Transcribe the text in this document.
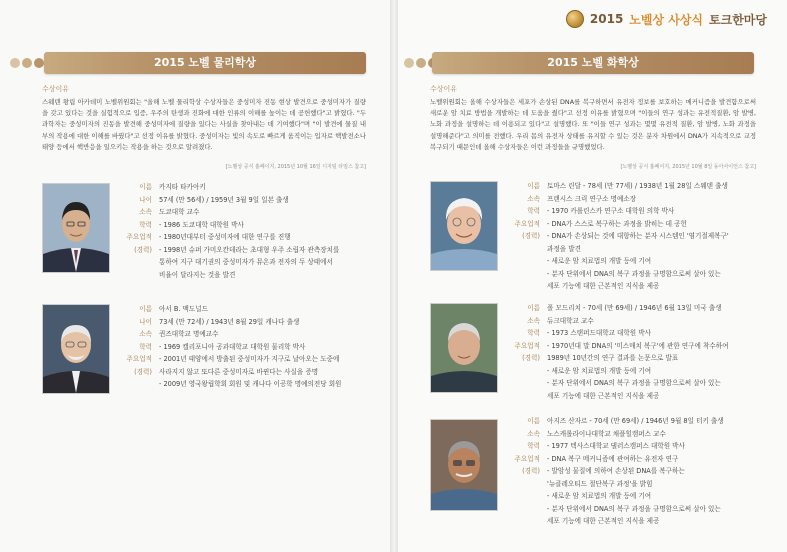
2015 노벨상 사상식 토크한마당
2015 노벨 물리학상
수상이유
스웨덴 왕립 아카데미 노벨위원회는 "올해 노벨 물리학상 수상자들은 중성미자 진동 현상 발견으로 중성미자가 질량을 갖고 있다는 것을 실험적으로 입증, 우주의 탄생과 진화에 대한 인류의 이해를 높이는 데 공헌했다"고 밝혔다. "두 과학자는 중성미자의 진동을 발견해 중성미자에 질량을 있다는 사실을 찾아내는 데 기여했다"며 "이 발견에 물질 내부의 작용에 대한 이해를 바꿨다"고 선정 이유를 밝혔다. 중성미자는 빛의 속도로 빠르게 움직이는 입자로 핵발전소나 태양 등에서 핵반응을 일으키는 작용을 하는 것으로 알려졌다.
[노벨상 공식 홈페이지, 2015년 10월 16일 디지털 타임스 참고]
이름	카지타 타카아키
나이	57세 (만 56세) / 1959년 3월 9일 일본 출생
소속	도쿄대학 교수
학력	- 1986 도쿄대학 대학원 박사
주요업적	- 1980년대부터 중성미자에 대한 연구를 진행
(경력)	- 1998년 슈퍼 가미오칸데라는 초대형 우주 소립자 관측장치를
통하여 지구 대기권의 중성미자가 뮤온과 전자의 두 상태에서
비율이 달라지는 것을 발견
이름	아서 B. 맥도널드
나이	73세 (만 72세) / 1943년 8월 29일 캐나다 출생
소속	퀸즈대학교 명예교수
학력	- 1969 캘리포니아 공과대학교 대학원 물리학 박사
주요업적	- 2001년 태양에서 방출된 중성미자가 지구로 날아오는 도중에
(경력)	사라지지 않고 또다른 중성미자로 바뀐다는 사실을 증명
- 2009년 영국왕립학회 회원 및 캐나다 이공학 명예의전당 회원
2015 노벨 화학상
수상이유
노벨위원회는 올해 수상자들은 세포가 손상된 DNA를 복구하면서 유전자 정보를 보호하는 메커니즘을 발견함으로써 새로운 암 치료 방법을 개발하는 데 도움을 줬다"고 선정 이유를 밝혔으며 "이들의 연구 성과는 유전적질환, 암 발병, 노화 과정을 설명하는 데 이용되고 있다"고 설명했다. 또 "이들 연구 성과는 몇몇 유전적 질환, 암 발병, 노화 과정을 설명해준다"고 의미를 전했다. 우리 몸의 유전자 상태를 유지할 수 있는 것은 분자 차원에서 DNA가 지속적으로 교정 복구되기 때문인데 올해 수상자들은 이런 과정들을 규명했었다.
[노벨상 공식 홈페이지, 2015년 10월 8일 동아사이언스 참고]
이름	토마스 린달 - 78세 (만 77세) / 1938년 1월 28일 스웨덴 출생
소속	프랜시스 크릭 연구소 명예소장
학력	- 1970 카롤린스카 연구소 대학원 의학 박사
주요업적	- DNA가 스스로 복구하는 과정을 밝히는 데 공헌
(경력)	- DNA가 손상되는 것에 대항하는 분자 시스템인 '염기절제복구'
과정을 발견
- 새로운 암 치료법의 개발 등에 기여
- 분자 단위에서 DNA의 복구 과정을 규명함으로써 살아 있는
세포 기능에 대한 근본적인 지식을 제공
이름	폴 모드리치 - 70세 (만 69세) / 1946년 6월 13일 미국 출생
소속	듀크대학교 교수
학력	- 1973 스탠퍼드대학교 대학원 박사
주요업적	- 1970년대 말 DNA의 '미스매치 복구'에 관한 연구에 착수하여
(경력)	1989년 10년간의 연구 결과를 논문으로 발표
- 새로운 암 치료법의 개발 등에 기여
- 분자 단위에서 DNA의 복구 과정을 규명함으로써 살아 있는
세포 기능에 대한 근본적인 지식을 제공
이름	아지즈 산자르 - 70세 (만 69세) / 1946년 9월 8일 터키 출생
소속	노스캐롤라이나대학교 채플힐캠퍼스 교수
학력	- 1977 텍사스대학교 댈러스캠퍼스 대학원 박사
주요업적	- DNA 복구 메커니즘에 관여하는 유전자 연구
(경력)	- 발암성 물질에 의하여 손상된 DNA를 복구하는
'뉴클레오티드 절단복구 과정'을 밝힘
- 새로운 암 치료법의 개발 등에 기여
- 분자 단위에서 DNA의 복구 과정을 규명함으로써 살아 있는
세포 기능에 대한 근본적인 지식을 제공
